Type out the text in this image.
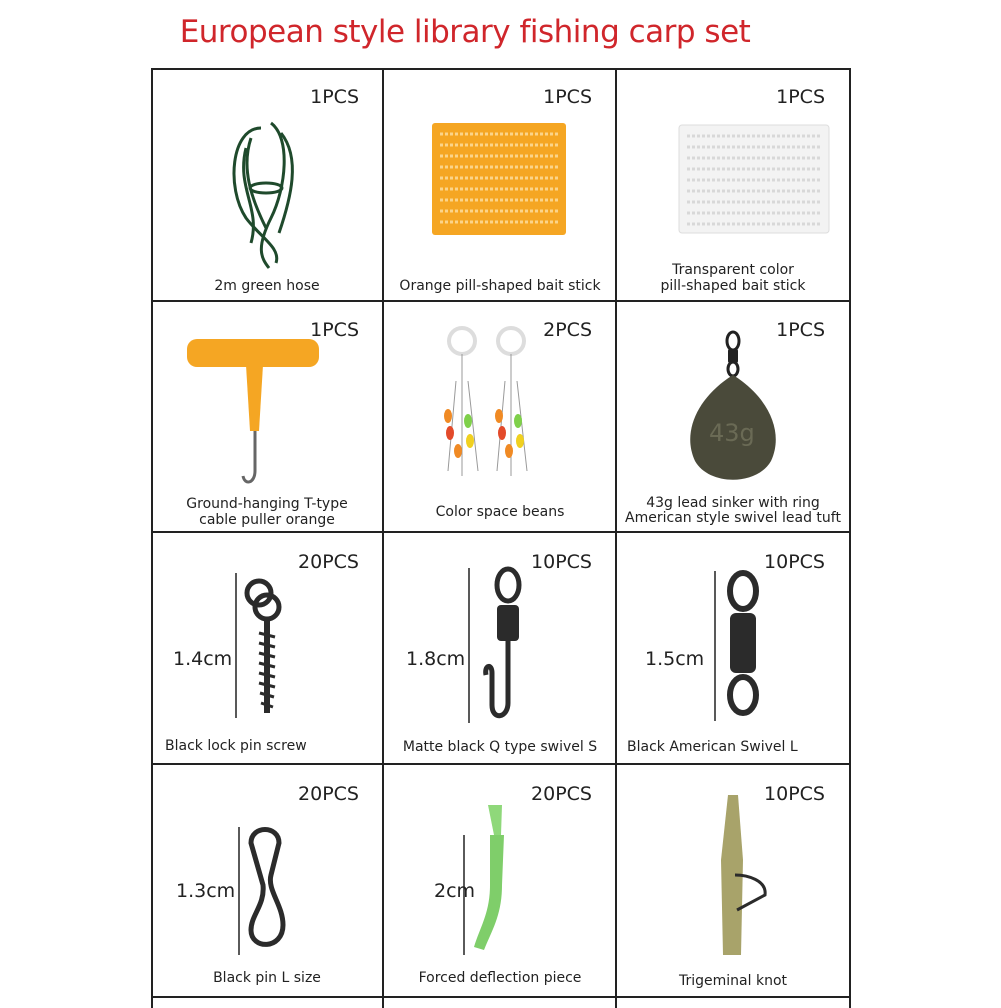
European style library fishing carp set
1PCS
2m green hose
1PCS
Orange pill-shaped bait stick
1PCS
Transparent color
pill-shaped bait stick
1PCS
Ground-hanging T-type
cable puller orange
2PCS
Color space beans
43g
1PCS
43g lead sinker with ring
American style swivel lead tuft
1.4cm
20PCS
Black lock pin screw
1.8cm
10PCS
Matte black Q type swivel S
1.5cm
10PCS
Black American Swivel L
1.3cm
20PCS
Black pin L size
2cm
20PCS
Forced deflection piece
10PCS
Trigeminal knot
